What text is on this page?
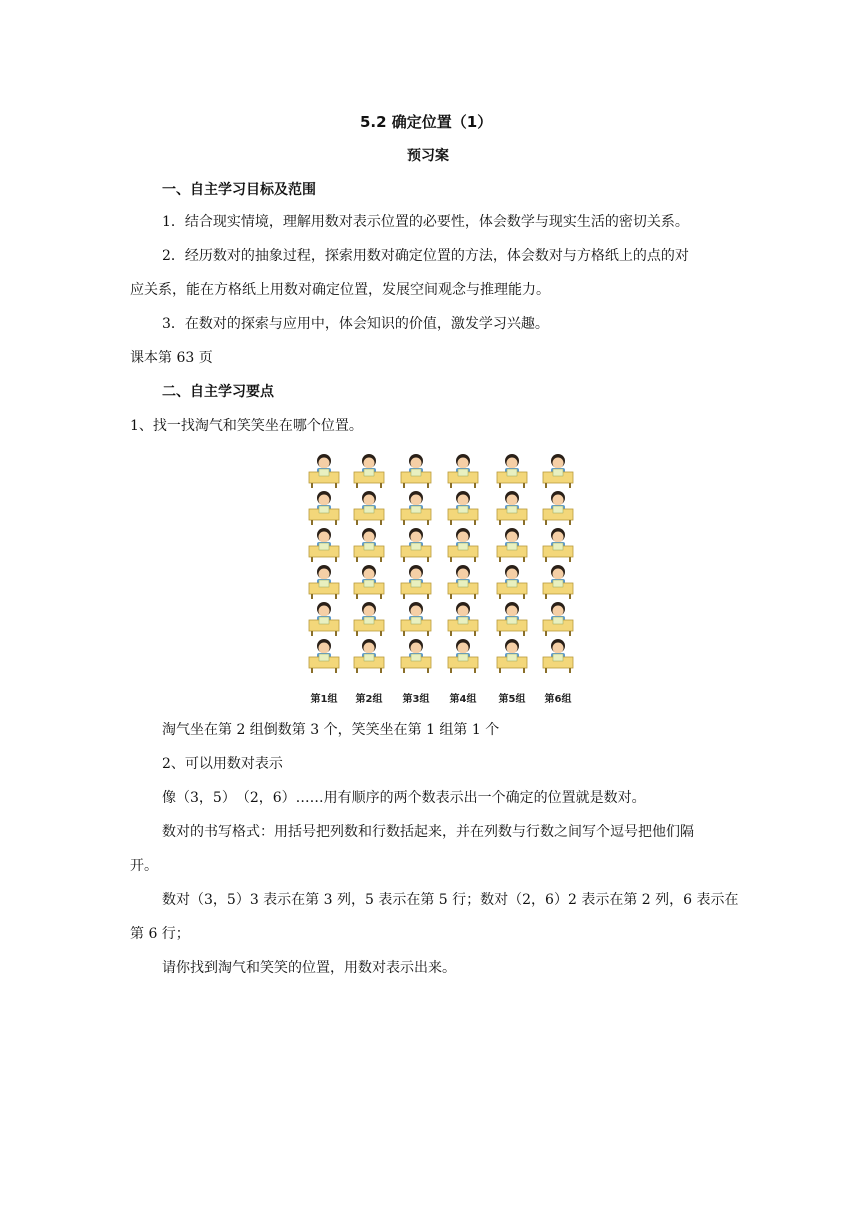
5.2 确定位置（1）
预习案
一、自主学习目标及范围
1．结合现实情境，理解用数对表示位置的必要性，体会数学与现实生活的密切关系。
2．经历数对的抽象过程，探索用数对确定位置的方法，体会数对与方格纸上的点的对
应关系，能在方格纸上用数对确定位置，发展空间观念与推理能力。
3．在数对的探索与应用中，体会知识的价值，激发学习兴趣。
课本第 63 页
二、自主学习要点
1、找一找淘气和笑笑坐在哪个位置。
第1组 第2组 第3组 第4组 第5组 第6组
淘气坐在第 2 组倒数第 3 个，笑笑坐在第 1 组第 1 个
2、可以用数对表示
像（3，5）　（2，6）……用有顺序的两个数表示出一个确定的位置就是数对。
数对的书写格式：用括号把列数和行数括起来，并在列数与行数之间写个逗号把他们隔
开。
数对（3，5）3 表示在第 3 列，5 表示在第 5 行；数对（2，6）2 表示在第 2 列，6 表示在
第 6 行；
请你找到淘气和笑笑的位置，用数对表示出来。
